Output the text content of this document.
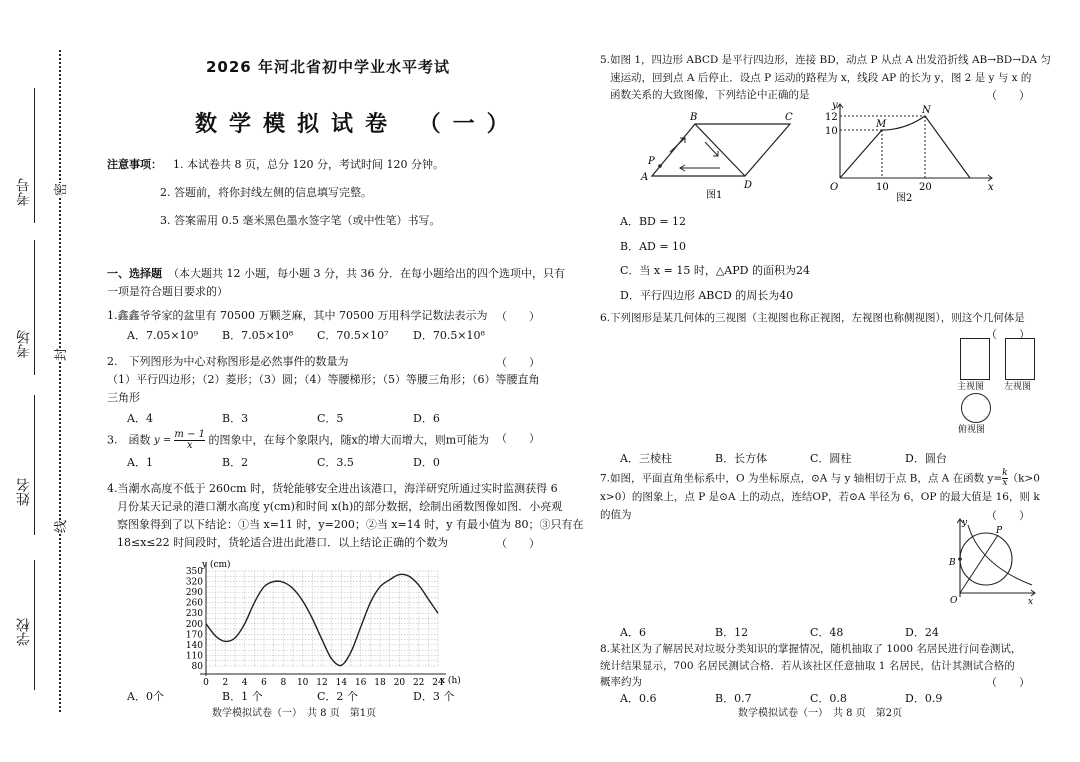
学校
姓名
考场
考号
线
封
密
2026 年河北省初中学业水平考试
数学模拟试卷 （一）
注意事项： 1. 本试卷共 8 页，总分 120 分，考试时间 120 分钟。
2. 答题前，将你封线左侧的信息填写完整。
3. 答案需用 0.5 毫米黑色墨水签字笔（或中性笔）书写。
一、选择题 （本大题共 12 小题，每小题 3 分，共 36 分．在每小题给出的四个选项中，只有
一项是符合题目要求的）
1.鑫鑫爷爷家的盆里有 70500 万颗芝麻，其中 70500 万用科学记数法表示为 （　　）
A．7.05×10⁹ B．7.05×10⁸ C．70.5×10⁷ D．70.5×10⁸
2.　下列图形为中心对称图形是必然事件的数量为	（　　）
（1）平行四边形；（2）菱形；（3）圆；（4）等腰梯形；（5）等腰三角形；（6）等腰直角
三角形
A．4	B．3	C．5	D．6
3.　函数 $y = \frac{m - 1}{x}$ 的图象中，在每个象限内，随x的增大而增大，则m可能为 （　　）
A．1	B．2	C．3.5	D．0
4.当潮水高度不低于 260cm 时，货轮能够安全进出该港口，海洋研究所通过实时监测获得 6
月份某天记录的港口潮水高度 y(cm)和时间 x(h)的部分数据，绘制出函数图像如图．小亮观
察图象得到了以下结论：①当 x=11 时，y=200；②当 x=14 时，y 有最小值为 80；③只有在
18≤x≤22 时间段时，货轮适合进出此港口．以上结论正确的个数为	（　　）
0 2 4 6 8 10 12 14 16 18 20 22 24
80
110
140
170
200
230
260
290
320
350
y (cm)
x (h)
A．0个	B．1 个	C．2 个	D．3 个
数学模拟试卷（一）　共 8 页　第1页
5.如图 1，四边形 ABCD 是平行四边形，连接 BD，动点 P 从点 A 出发沿折线 AB→BD→DA 匀
速运动，回到点 A 后停止．设点 P 运动的路程为 x，线段 AP 的长为 y，图 2 是 y 与 x 的
函数关系的大致图像，下列结论中正确的是	（　　）
A
B	C
D
P
图1
y
x
O
M
N
12
10
10	20
图2
A．BD = 12
B．AD = 10
C．当 x = 15 时，△APD 的面积为24
D．平行四边形 ABCD 的周长为40
6.下列图形是某几何体的三视图（主视图也称正视图，左视图也称侧视图），则这个几何体是
（　　）
主视图 左视图
俯视图
A．三棱柱	B．长方体	C．圆柱	D．圆台
7.如图，平面直角坐标系中，O 为坐标原点，⊙A 与 y 轴相切于点 B，点 A 在函数 $y= \frac{k}{x} (k>0$
x>0）的图象上，点 P 是⊙A 上的动点，连结OP，若⊙A 半径为 6，OP 的最大值是 16，则 k
的值为	（　　）
y
x
O
B
P
A．6	B．12	C．48	D．24
8.某社区为了解居民对垃圾分类知识的掌握情况，随机抽取了 1000 名居民进行问卷测试，
统计结果显示，700 名居民测试合格．若从该社区任意抽取 1 名居民，估计其测试合格的
概率约为	（　　）
A．0.6	B．0.7	C．0.8	D．0.9
数学模拟试卷（一）　共 8 页　第2页
